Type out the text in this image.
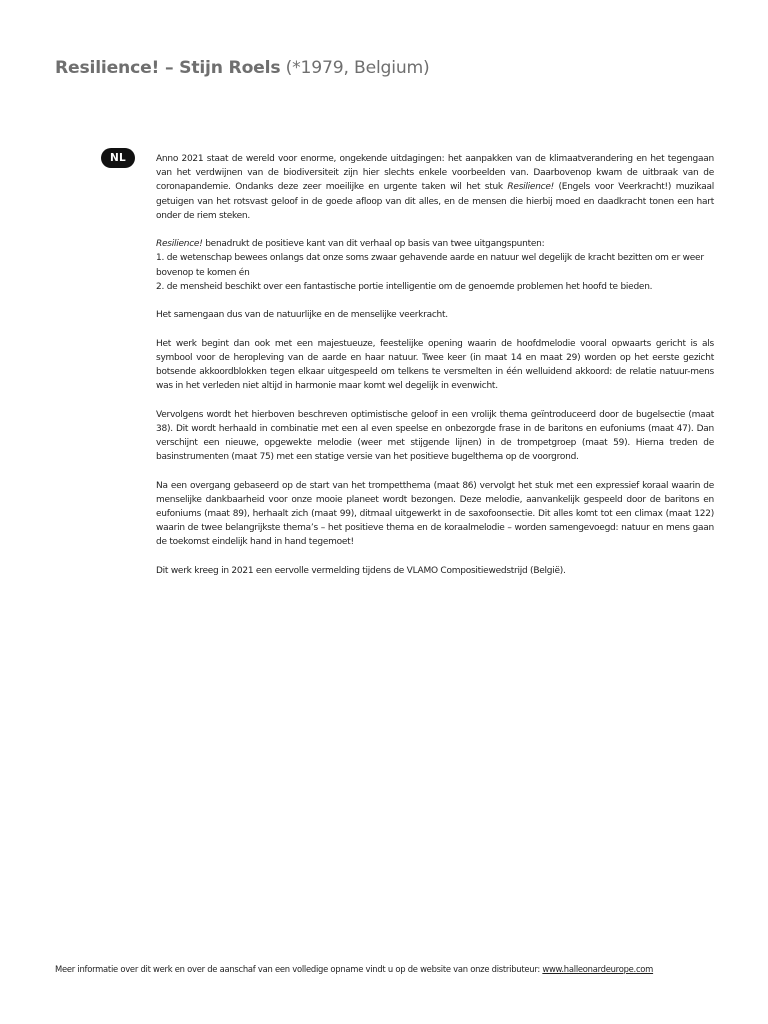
Resilience! – Stijn Roels (*1979, Belgium)
NL	Anno 2021 staat de wereld voor enorme, ongekende uitdagingen: het aanpakken van de klimaatverandering en het tegengaan van het verdwijnen van de biodiversiteit zijn hier slechts enkele voorbeelden van. Daarbovenop kwam de uitbraak van de coronapandemie. Ondanks deze zeer moeilijke en urgente taken wil het stuk Resilience! (Engels voor Veerkracht!) muzikaal getuigen van het rotsvast geloof in de goede afloop van dit alles, en de mensen die hierbij moed en daadkracht tonen een hart onder de riem steken.

Resilience! benadrukt de positieve kant van dit verhaal op basis van twee uitgangspunten:
1. de wetenschap bewees onlangs dat onze soms zwaar gehavende aarde en natuur wel degelijk de kracht bezitten om er weer bovenop te komen én
2. de mensheid beschikt over een fantastische portie intelligentie om de genoemde problemen het hoofd te bieden.

Het samengaan dus van de natuurlijke en de menselijke veerkracht.

Het werk begint dan ook met een majestueuze, feestelijke opening waarin de hoofdmelodie vooral opwaarts gericht is als symbool voor de heropleving van de aarde en haar natuur. Twee keer (in maat 14 en maat 29) worden op het eerste gezicht botsende akkoordblokken tegen elkaar uitgespeeld om telkens te versmelten in één welluidend akkoord: de relatie natuur-mens was in het verleden niet altijd in harmonie maar komt wel degelijk in evenwicht.

Vervolgens wordt het hierboven beschreven optimistische geloof in een vrolijk thema geïntroduceerd door de bugelsectie (maat 38). Dit wordt herhaald in combinatie met een al even speelse en onbezorgde frase in de baritons en eufoniums (maat 47). Dan verschijnt een nieuwe, opgewekte melodie (weer met stijgende lijnen) in de trompetgroep (maat 59). Hierna treden de basinstrumenten (maat 75) met een statige versie van het positieve bugelthema op de voorgrond.

Na een overgang gebaseerd op de start van het trompetthema (maat 86) vervolgt het stuk met een expressief koraal waarin de menselijke dankbaarheid voor onze mooie planeet wordt bezongen. Deze melodie, aanvankelijk gespeeld door de baritons en eufoniums (maat 89), herhaalt zich (maat 99), ditmaal uitgewerkt in de saxofoonsectie. Dit alles komt tot een climax (maat 122) waarin de twee belangrijkste thema’s – het positieve thema en de koraalmelodie – worden samengevoegd: natuur en mens gaan de toekomst eindelijk hand in hand tegemoet!

Dit werk kreeg in 2021 een eervolle vermelding tijdens de VLAMO Compositiewedstrijd (België).

Meer informatie over dit werk en over de aanschaf van een volledige opname vindt u op de website van onze distributeur: www.halleonardeurope.com
